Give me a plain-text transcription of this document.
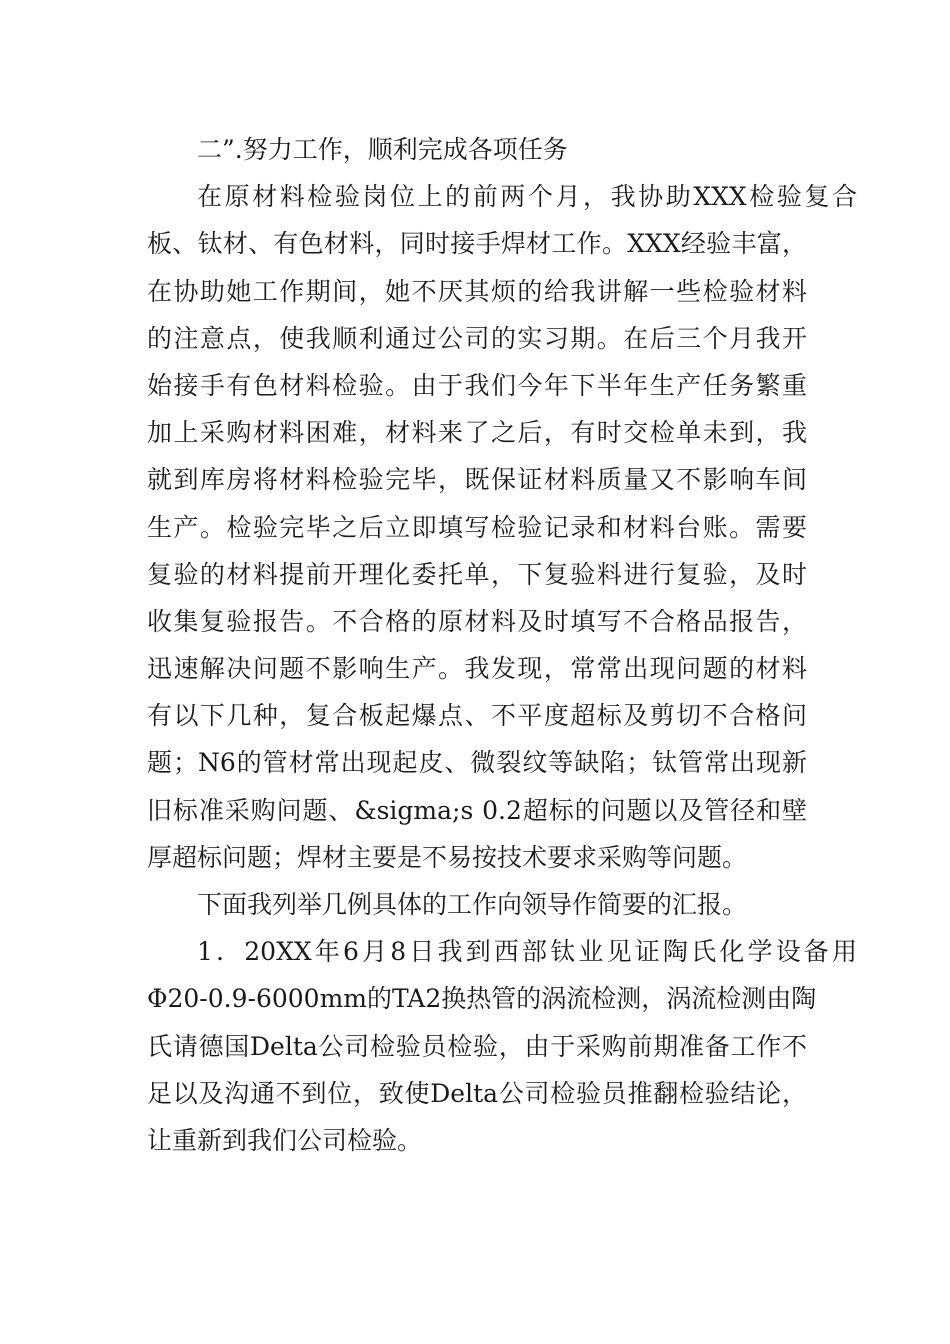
二”.努力工作，顺利完成各项任务
在原材料检验岗位上的前两个月，我协助XXX检验复合
板、钛材、有色材料，同时接手焊材工作。XXX经验丰富，
在协助她工作期间，她不厌其烦的给我讲解一些检验材料
的注意点，使我顺利通过公司的实习期。在后三个月我开
始接手有色材料检验。由于我们今年下半年生产任务繁重
加上采购材料困难，材料来了之后，有时交检单未到，我
就到库房将材料检验完毕，既保证材料质量又不影响车间
生产。检验完毕之后立即填写检验记录和材料台账。需要
复验的材料提前开理化委托单，下复验料进行复验，及时
收集复验报告。不合格的原材料及时填写不合格品报告，
迅速解决问题不影响生产。我发现，常常出现问题的材料
有以下几种，复合板起爆点、不平度超标及剪切不合格问
题；N6的管材常出现起皮、微裂纹等缺陷；钛管常出现新
旧标准采购问题、&sigma;s 0.2超标的问题以及管径和壁
厚超标问题；焊材主要是不易按技术要求采购等问题。
下面我列举几例具体的工作向领导作简要的汇报。
1．20XX年6月8日我到西部钛业见证陶氏化学设备用
Φ20-0.9-6000mm的TA2换热管的涡流检测，涡流检测由陶
氏请德国Delta公司检验员检验，由于采购前期准备工作不
足以及沟通不到位，致使Delta公司检验员推翻检验结论，
让重新到我们公司检验。
